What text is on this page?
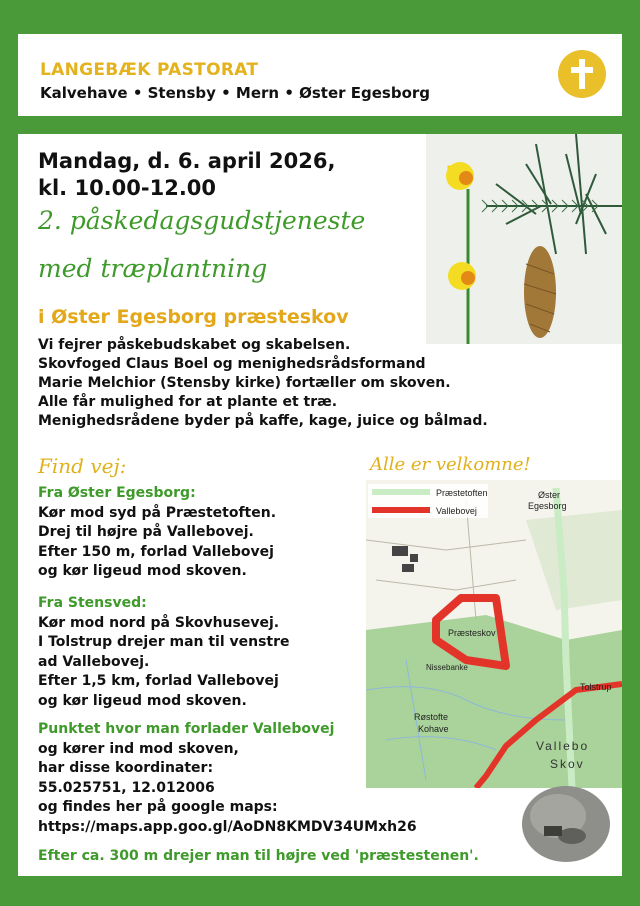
LANGEBÆK PASTORAT
Kalvehave • Stensby • Mern • Øster Egesborg
Mandag, d. 6. april 2026,
kl. 10.00-12.00
2. påskedagsgudstjeneste
med træplantning
i Øster Egesborg præsteskov
Vi fejrer påskebudskabet og skabelsen.
Skovfoged Claus Boel og menighedsrådsformand
Marie Melchior (Stensby kirke) fortæller om skoven.
Alle får mulighed for at plante et træ.
Menighedsrådene byder på kaffe, kage, juice og bålmad.
Find vej:	Alle er velkomne!
Fra Øster Egesborg:
Kør mod syd på Præstetoften.
Drej til højre på Vallebovej.
Efter 150 m, forlad Vallebovej
og kør ligeud mod skoven.
Fra Stensved:
Kør mod nord på Skovhusevej.
I Tolstrup drejer man til venstre
ad Vallebovej.
Efter 1,5 km, forlad Vallebovej
og kør ligeud mod skoven.
Punktet hvor man forlader Vallebovej
og kører ind mod skoven,
har disse koordinater:
55.025751, 12.012006
og findes her på google maps:
https://maps.app.goo.gl/AoDN8KMDV34UMxh26
Efter ca. 300 m drejer man til højre ved 'præstestenen'.
Præstetoften
Vallebovej
Øster
Egesborg
Præsteskov
Nissebanke
Tolstrup
Røstofte
Kohave
Vallebo
Skov
